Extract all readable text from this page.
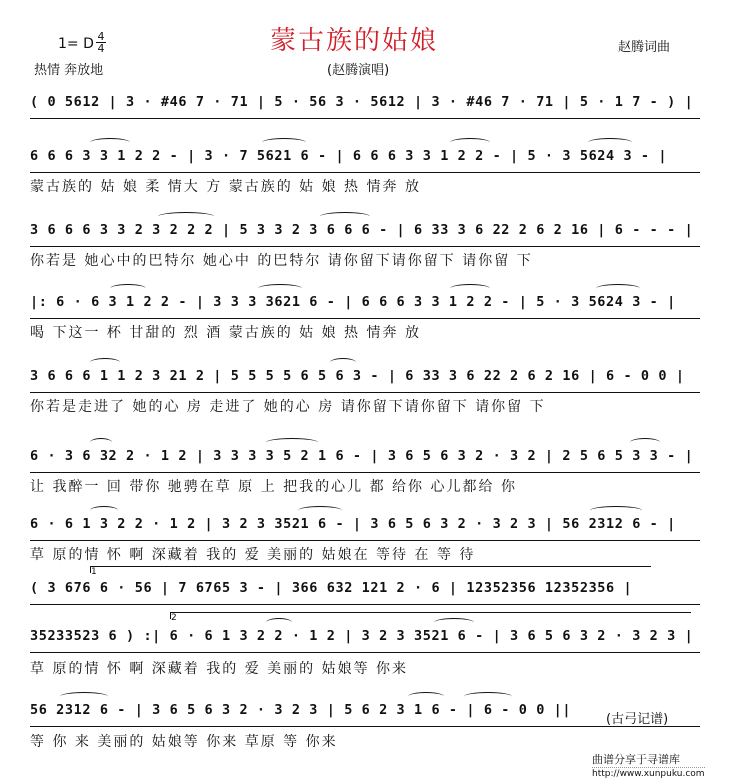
蒙古族的姑娘
1= D 4
4
热情 奔放地
赵腾词曲
(赵腾演唱)
( 0 5612 | 3 · #46 7 · 71 | 5 · 56 3 · 5612 | 3 · #46 7 · 71 | 5 · 1 7 - ) |
6 6 6 3 3 1 2 2 - | 3 · 7 5621 6 - | 6 6 6 3 3 1 2 2 - | 5 · 3 5624 3 - |
蒙古族的 姑 娘 柔 情大 方 蒙古族的 姑 娘 热 情奔 放
3 6 6 6 3 3 2 3 2 2 2 | 5 3 3 2 3 6 6 6 - | 6 33 3 6 22 2 6 2 16 | 6 - - - |
你若是 她心中的巴特尔 她心中 的巴特尔 请你留下请你留下 请你留 下
|: 6 · 6 3 1 2 2 - | 3 3 3 3621 6 - | 6 6 6 3 3 1 2 2 - | 5 · 3 5624 3 - |
喝 下这一 杯 甘甜的 烈 酒 蒙古族的 姑 娘 热 情奔 放
3 6 6 6 1 1 2 3 21 2 | 5 5 5 5 6 5 6 3 - | 6 33 3 6 22 2 6 2 16 | 6 - 0 0 |
你若是走进了 她的心 房 走进了 她的心 房 请你留下请你留下 请你留 下
6 · 3 6 32 2 · 1 2 | 3 3 3 3 5 2 1 6 - | 3 6 5 6 3 2 · 3 2 | 2 5 6 5 3 3 - |
让 我醉一 回 带你 驰骋在草 原 上 把我的心儿 都 给你 心儿都给 你
6 · 6 1 3 2 2 · 1 2 | 3 2 3 3521 6 - | 3 6 5 6 3 2 · 3 2 3 | 56 2312 6 - |
草 原的情 怀 啊 深藏着 我的 爱 美丽的 姑娘在 等待 在 等 待
1
( 3 676 6 · 56 | 7 6765 3 - | 366 632 121 2 · 6 | 12352356 12352356 |
2
35233523 6 ) :| 6 · 6 1 3 2 2 · 1 2 | 3 2 3 3521 6 - | 3 6 5 6 3 2 · 3 2 3 |
草 原的情 怀 啊 深藏着 我的 爱 美丽的 姑娘等 你来
56 2312 6 - | 3 6 5 6 3 2 · 3 2 3 | 5 6 2 3 1 6 - | 6 - 0 0 ||
等 你 来 美丽的 姑娘等 你来 草原 等 你来
(古弓记谱)
曲谱分享于寻谱库
http://www.xunpuku.com
